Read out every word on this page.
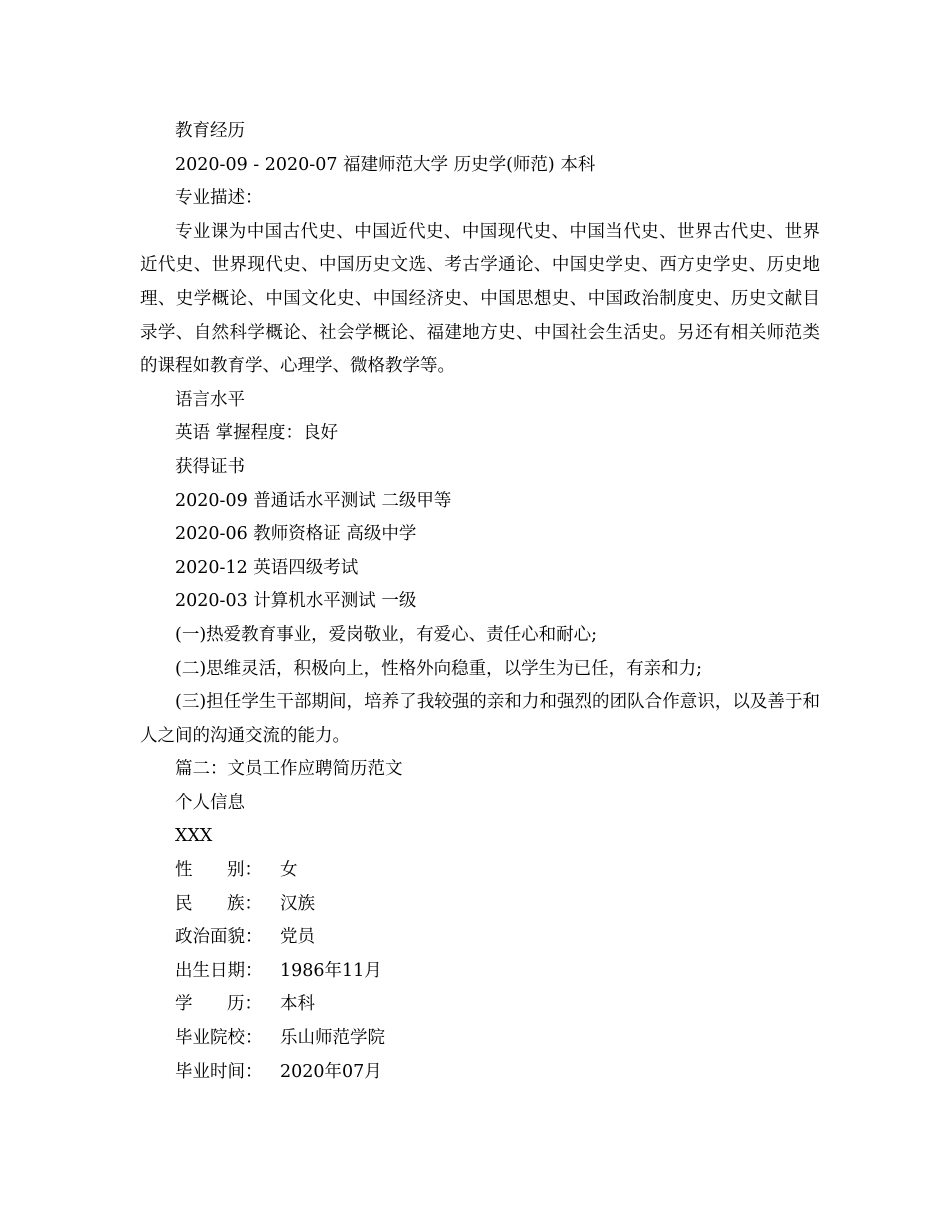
教育经历

2020-09 - 2020-07 福建师范大学 历史学(师范) 本科

专业描述：

专业课为中国古代史、中国近代史、中国现代史、中国当代史、世界古代史、世界近代史、世界现代史、中国历史文选、考古学通论、中国史学史、西方史学史、历史地理、史学概论、中国文化史、中国经济史、中国思想史、中国政治制度史、历史文献目录学、自然科学概论、社会学概论、福建地方史、中国社会生活史。另还有相关师范类的课程如教育学、心理学、微格教学等。

语言水平

英语 掌握程度：良好

获得证书

2020-09 普通话水平测试 二级甲等

2020-06 教师资格证 高级中学

2020-12 英语四级考试

2020-03 计算机水平测试 一级

(一)热爱教育事业，爱岗敬业，有爱心、责任心和耐心;

(二)思维灵活，积极向上，性格外向稳重，以学生为已任，有亲和力;

(三)担任学生干部期间，培养了我较强的亲和力和强烈的团队合作意识，以及善于和人之间的沟通交流的能力。

篇二：文员工作应聘简历范文

个人信息

XXX

性 别：	女
民 族：	汉族
政治面貌：	党员
出生日期：	1986年11月
学 历：	本科
毕业院校：	乐山师范学院
毕业时间：	2020年07月
